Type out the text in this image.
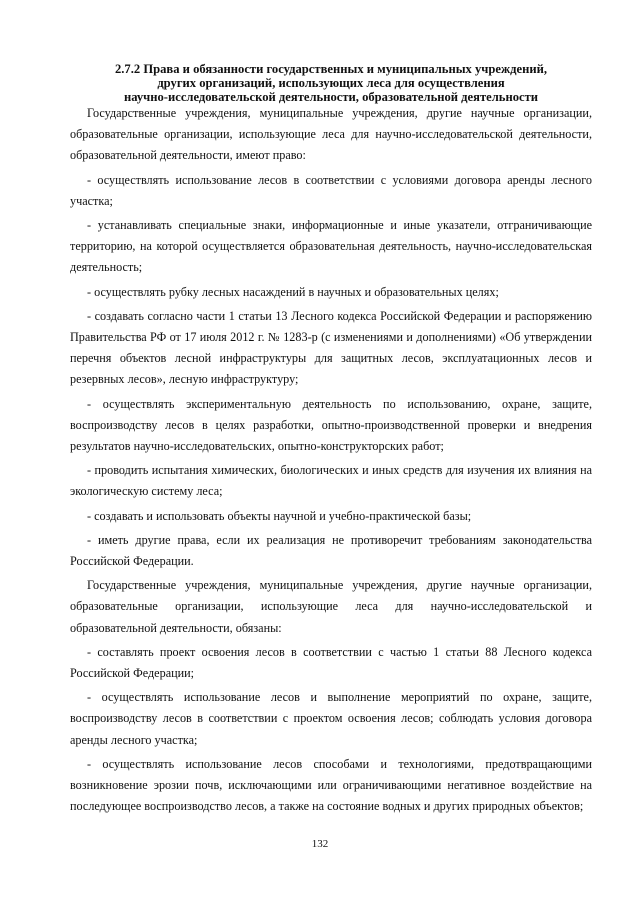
2.7.2 Права и обязанности государственных и муниципальных учреждений,
других организаций, использующих леса для осуществления
научно-исследовательской деятельности, образовательной деятельности

Государственные учреждения, муниципальные учреждения, другие научные организации, образовательные организации, использующие леса для научно-исследовательской деятельности, образовательной деятельности, имеют право:

- осуществлять использование лесов в соответствии с условиями договора аренды лесного участка;

- устанавливать специальные знаки, информационные и иные указатели, отграничивающие территорию, на которой осуществляется образовательная деятельность, научно-исследовательская деятельность;

- осуществлять рубку лесных насаждений в научных и образовательных целях;

- создавать согласно части 1 статьи 13 Лесного кодекса Российской Федерации и распоряжению Правительства РФ от 17 июля 2012 г. № 1283-р (с изменениями и дополнениями) «Об утверждении перечня объектов лесной инфраструктуры для защитных лесов, эксплуатационных лесов и резервных лесов», лесную инфраструктуру;

- осуществлять экспериментальную деятельность по использованию, охране, защите, воспроизводству лесов в целях разработки, опытно-производственной проверки и внедрения результатов научно-исследовательских, опытно-конструкторских работ;

- проводить испытания химических, биологических и иных средств для изучения их влияния на экологическую систему леса;

- создавать и использовать объекты научной и учебно-практической базы;

- иметь другие права, если их реализация не противоречит требованиям законодательства Российской Федерации.

Государственные учреждения, муниципальные учреждения, другие научные организации, образовательные организации, использующие леса для научно-исследовательской и образовательной деятельности, обязаны:

- составлять проект освоения лесов в соответствии с частью 1 статьи 88 Лесного кодекса Российской Федерации;

- осуществлять использование лесов и выполнение мероприятий по охране, защите, воспроизводству лесов в соответствии с проектом освоения лесов; соблюдать условия договора аренды лесного участка;

- осуществлять использование лесов способами и технологиями, предотвращающими возникновение эрозии почв, исключающими или ограничивающими негативное воздействие на последующее воспроизводство лесов, а также на состояние водных и других природных объектов;

132
